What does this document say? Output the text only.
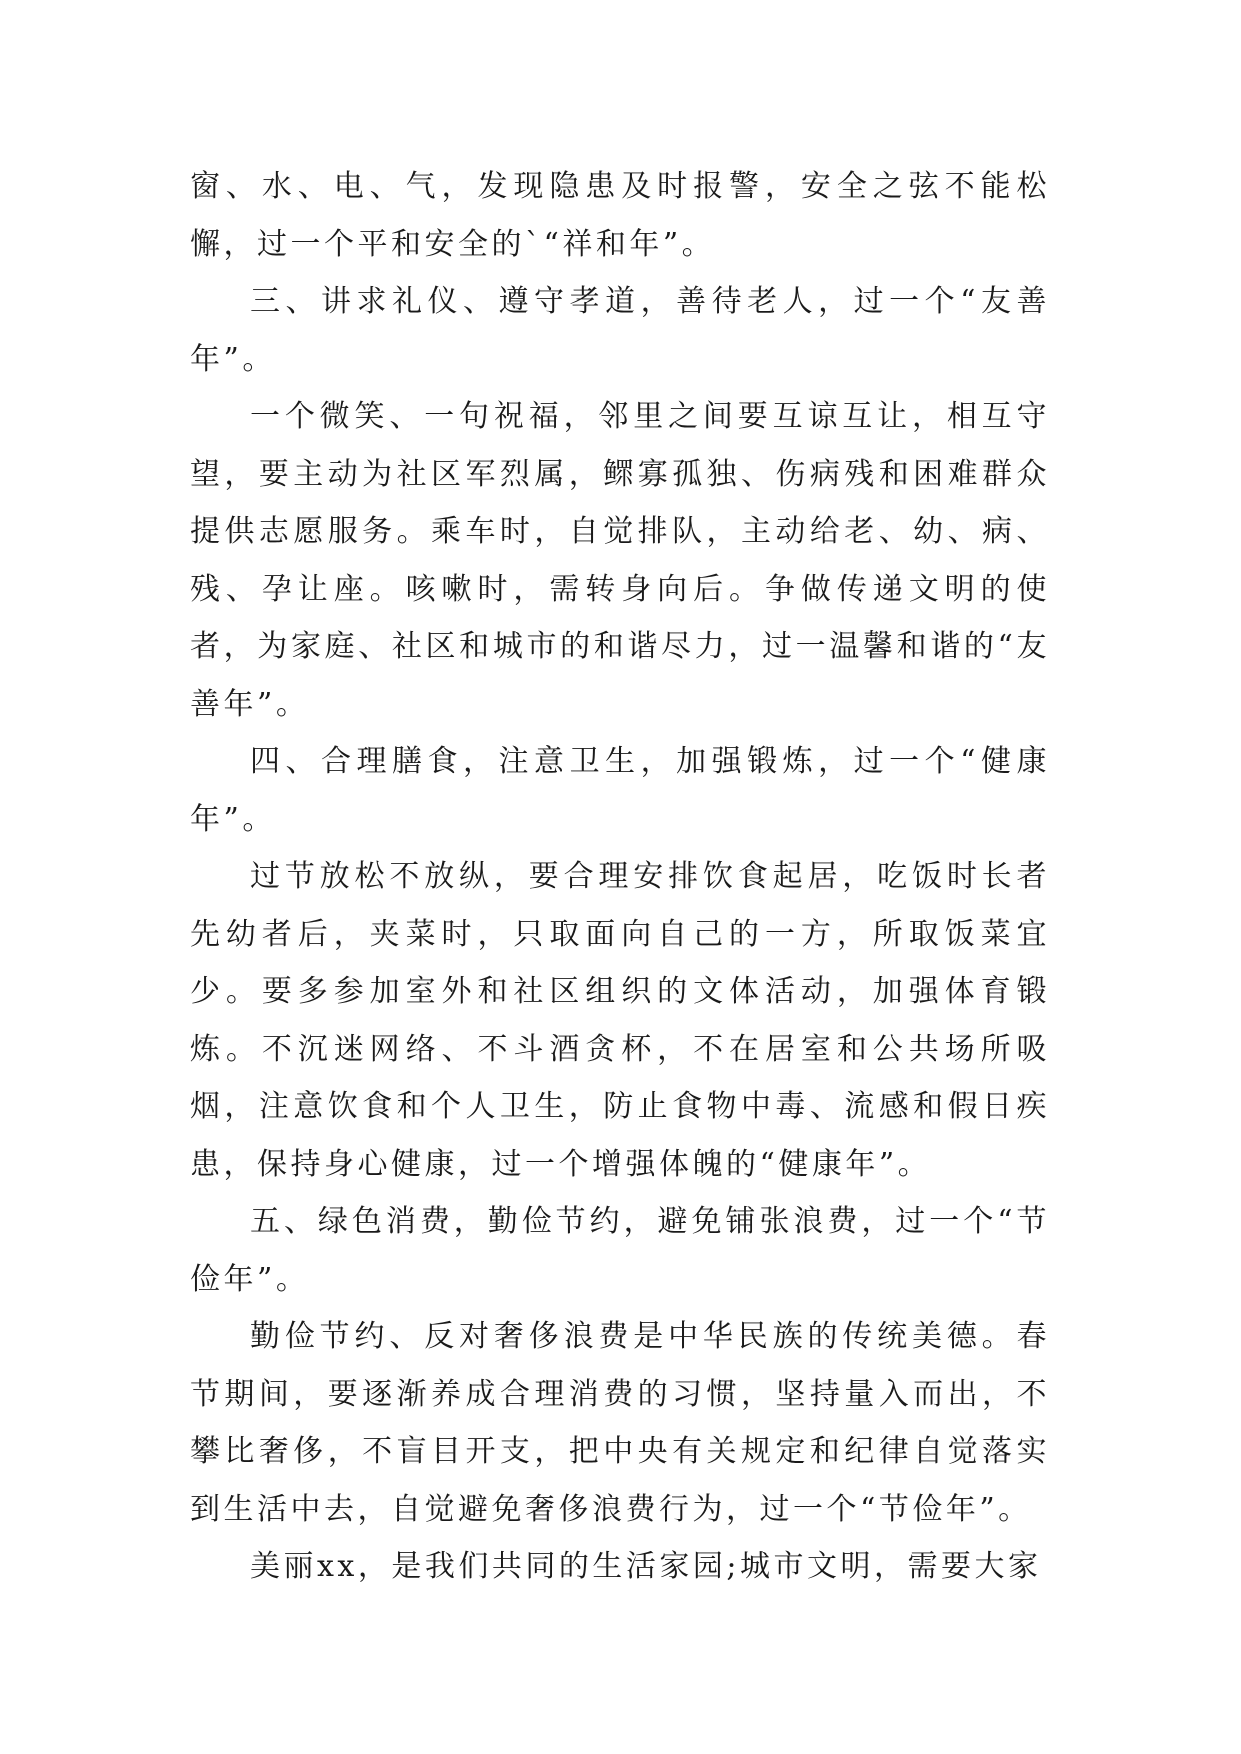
窗、水、电、气，发现隐患及时报警，安全之弦不能松懈，过一个平和安全的`“祥和年”。

三、讲求礼仪、遵守孝道，善待老人，过一个“友善年”。

一个微笑、一句祝福，邻里之间要互谅互让，相互守望，要主动为社区军烈属，鳏寡孤独、伤病残和困难群众提供志愿服务。乘车时，自觉排队，主动给老、幼、病、残、孕让座。咳嗽时，需转身向后。争做传递文明的使者，为家庭、社区和城市的和谐尽力，过一温馨和谐的“友善年”。

四、合理膳食，注意卫生，加强锻炼，过一个“健康年”。

过节放松不放纵，要合理安排饮食起居，吃饭时长者先幼者后，夹菜时，只取面向自己的一方，所取饭菜宜少。要多参加室外和社区组织的文体活动，加强体育锻炼。不沉迷网络、不斗酒贪杯，不在居室和公共场所吸烟，注意饮食和个人卫生，防止食物中毒、流感和假日疾患，保持身心健康，过一个增强体魄的“健康年”。

五、绿色消费，勤俭节约，避免铺张浪费，过一个“节俭年”。

勤俭节约、反对奢侈浪费是中华民族的传统美德。春节期间，要逐渐养成合理消费的习惯，坚持量入而出，不攀比奢侈，不盲目开支，把中央有关规定和纪律自觉落实到生活中去，自觉避免奢侈浪费行为，过一个“节俭年”。

美丽xx，是我们共同的生活家园;城市文明，需要大家
